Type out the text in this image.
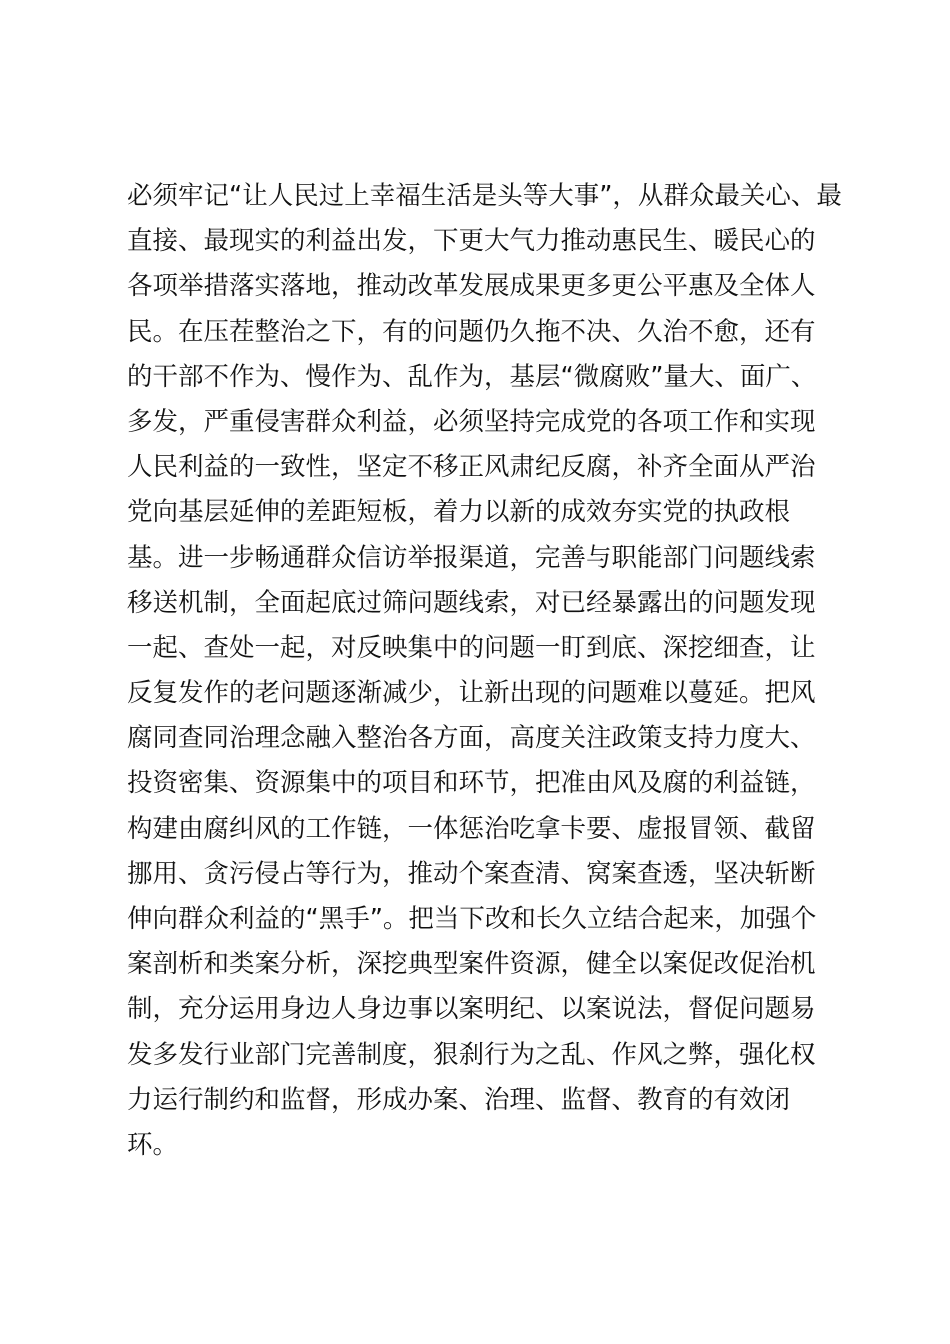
必须牢记“让人民过上幸福生活是头等大事”，从群众最关心、最
直接、最现实的利益出发，下更大气力推动惠民生、暖民心的
各项举措落实落地，推动改革发展成果更多更公平惠及全体人
民。在压茬整治之下，有的问题仍久拖不决、久治不愈，还有
的干部不作为、慢作为、乱作为，基层“微腐败”量大、面广、
多发，严重侵害群众利益，必须坚持完成党的各项工作和实现
人民利益的一致性，坚定不移正风肃纪反腐，补齐全面从严治
党向基层延伸的差距短板，着力以新的成效夯实党的执政根
基。进一步畅通群众信访举报渠道，完善与职能部门问题线索
移送机制，全面起底过筛问题线索，对已经暴露出的问题发现
一起、查处一起，对反映集中的问题一盯到底、深挖细查，让
反复发作的老问题逐渐减少，让新出现的问题难以蔓延。把风
腐同查同治理念融入整治各方面，高度关注政策支持力度大、
投资密集、资源集中的项目和环节，把准由风及腐的利益链，
构建由腐纠风的工作链，一体惩治吃拿卡要、虚报冒领、截留
挪用、贪污侵占等行为，推动个案查清、窝案查透，坚决斩断
伸向群众利益的“黑手”。把当下改和长久立结合起来，加强个
案剖析和类案分析，深挖典型案件资源，健全以案促改促治机
制，充分运用身边人身边事以案明纪、以案说法，督促问题易
发多发行业部门完善制度，狠刹行为之乱、作风之弊，强化权
力运行制约和监督，形成办案、治理、监督、教育的有效闭
环。
